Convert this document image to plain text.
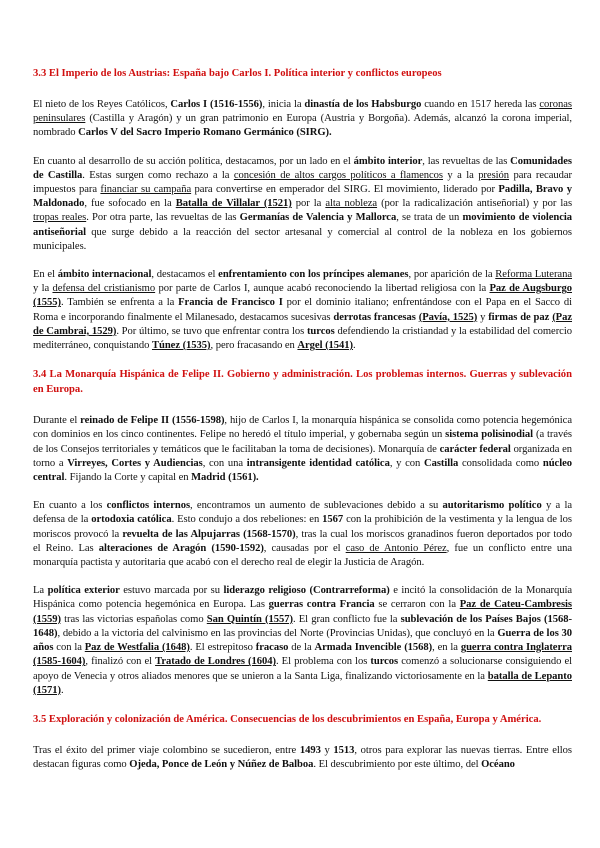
3.3 El Imperio de los Austrias: España bajo Carlos I. Política interior y conflictos europeos

El nieto de los Reyes Católicos, Carlos I (1516-1556), inicia la dinastía de los Habsburgo cuando en 1517 hereda las coronas peninsulares (Castilla y Aragón) y un gran patrimonio en Europa (Austria y Borgoña). Además, alcanzó la corona imperial, nombrado Carlos V del Sacro Imperio Romano Germánico (SIRG).

En cuanto al desarrollo de su acción política, destacamos, por un lado en el ámbito interior, las revueltas de las Comunidades de Castilla. Estas surgen como rechazo a la concesión de altos cargos políticos a flamencos y a la presión para recaudar impuestos para financiar su campaña para convertirse en emperador del SIRG. El movimiento, liderado por Padilla, Bravo y Maldonado, fue sofocado en la Batalla de Villalar (1521) por la alta nobleza (por la radicalización antiseñorial) y por las tropas reales. Por otra parte, las revueltas de las Germanías de Valencia y Mallorca, se trata de un movimiento de violencia antiseñorial que surge debido a la reacción del sector artesanal y comercial al control de la nobleza en los gobiernos municipales.

En el ámbito internacional, destacamos el enfrentamiento con los príncipes alemanes, por aparición de la Reforma Luterana y la defensa del cristianismo por parte de Carlos I, aunque acabó reconociendo la libertad religiosa con la Paz de Augsburgo (1555). También se enfrenta a la Francia de Francisco I por el dominio italiano; enfrentándose con el Papa en el Sacco di Roma e incorporando finalmente el Milanesado, destacamos sucesivas derrotas francesas (Pavía, 1525) y firmas de paz (Paz de Cambrai, 1529). Por último, se tuvo que enfrentar contra los turcos defendiendo la cristiandad y la estabilidad del comercio mediterráneo, conquistando Túnez (1535), pero fracasando en Argel (1541).

3.4 La Monarquía Hispánica de Felipe II. Gobierno y administración. Los problemas internos. Guerras y sublevación en Europa.

Durante el reinado de Felipe II (1556-1598), hijo de Carlos I, la monarquía hispánica se consolida como potencia hegemónica con dominios en los cinco continentes. Felipe no heredó el título imperial, y gobernaba según un sistema polisinodial (a través de los Consejos territoriales y temáticos que le facilitaban la toma de decisiones). Monarquía de carácter federal organizada en torno a Virreyes, Cortes y Audiencias, con una intransigente identidad católica, y con Castilla consolidada como núcleo central. Fijando la Corte y capital en Madrid (1561).

En cuanto a los conflictos internos, encontramos un aumento de sublevaciones debido a su autoritarismo político y a la defensa de la ortodoxia católica. Esto condujo a dos rebeliones: en 1567 con la prohibición de la vestimenta y la lengua de los moriscos provocó la revuelta de las Alpujarras (1568-1570), tras la cual los moriscos granadinos fueron deportados por todo el Reino. Las alteraciones de Aragón (1590-1592), causadas por el caso de Antonio Pérez, fue un conflicto entre una monarquía pactista y autoritaria que acabó con el derecho real de elegir la Justicia de Aragón.

La política exterior estuvo marcada por su liderazgo religioso (Contrarreforma) e incitó la consolidación de la Monarquía Hispánica como potencia hegemónica en Europa. Las guerras contra Francia se cerraron con la Paz de Cateu-Cambresis (1559) tras las victorias españolas como San Quintín (1557). El gran conflicto fue la sublevación de los Países Bajos (1568-1648), debido a la victoria del calvinismo en las provincias del Norte (Provincias Unidas), que concluyó en la Guerra de los 30 años con la Paz de Westfalia (1648). El estrepitoso fracaso de la Armada Invencible (1568), en la guerra contra Inglaterra (1585-1604), finalizó con el Tratado de Londres (1604). El problema con los turcos comenzó a solucionarse consiguiendo el apoyo de Venecia y otros aliados menores que se unieron a la Santa Liga, finalizando victoriosamente en la batalla de Lepanto (1571).

3.5 Exploración y colonización de América. Consecuencias de los descubrimientos en España, Europa y América.

Tras el éxito del primer viaje colombino se sucedieron, entre 1493 y 1513, otros para explorar las nuevas tierras. Entre ellos destacan figuras como Ojeda, Ponce de León y Núñez de Balboa. El descubrimiento por este último, del Océano
